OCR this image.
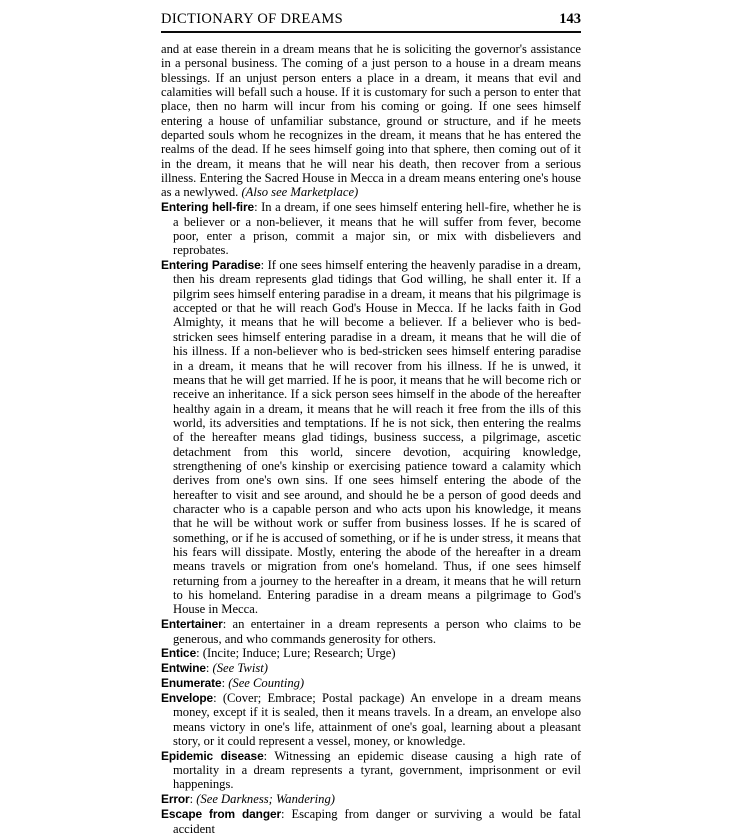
DICTIONARY OF DREAMS	143

and at ease therein in a dream means that he is soliciting the governor's assistance in a personal business. The coming of a just person to a house in a dream means blessings. If an unjust person enters a place in a dream, it means that evil and calamities will befall such a house. If it is customary for such a person to enter that place, then no harm will incur from his coming or going. If one sees himself entering a house of unfamiliar substance, ground or structure, and if he meets departed souls whom he recognizes in the dream, it means that he has entered the realms of the dead. If he sees himself going into that sphere, then coming out of it in the dream, it means that he will near his death, then recover from a serious illness. Entering the Sacred House in Mecca in a dream means entering one's house as a newlywed. (Also see Marketplace)

Entering hell-fire: In a dream, if one sees himself entering hell-fire, whether he is a believer or a non-believer, it means that he will suffer from fever, become poor, enter a prison, commit a major sin, or mix with disbelievers and reprobates.

Entering Paradise: If one sees himself entering the heavenly paradise in a dream, then his dream represents glad tidings that God willing, he shall enter it. If a pilgrim sees himself entering paradise in a dream, it means that his pilgrimage is accepted or that he will reach God's House in Mecca. If he lacks faith in God Almighty, it means that he will become a believer. If a believer who is bed-stricken sees himself entering paradise in a dream, it means that he will die of his illness. If a non-believer who is bed-stricken sees himself entering paradise in a dream, it means that he will recover from his illness. If he is unwed, it means that he will get married. If he is poor, it means that he will become rich or receive an inheritance. If a sick person sees himself in the abode of the hereafter healthy again in a dream, it means that he will reach it free from the ills of this world, its adversities and temptations. If he is not sick, then entering the realms of the hereafter means glad tidings, business success, a pilgrimage, ascetic detachment from this world, sincere devotion, acquiring knowledge, strengthening of one's kinship or exercising patience toward a calamity which derives from one's own sins. If one sees himself entering the abode of the hereafter to visit and see around, and should he be a person of good deeds and character who is a capable person and who acts upon his knowledge, it means that he will be without work or suffer from business losses. If he is scared of something, or if he is accused of something, or if he is under stress, it means that his fears will dissipate. Mostly, entering the abode of the hereafter in a dream means travels or migration from one's homeland. Thus, if one sees himself returning from a journey to the hereafter in a dream, it means that he will return to his homeland. Entering paradise in a dream means a pilgrimage to God's House in Mecca.

Entertainer: an entertainer in a dream represents a person who claims to be generous, and who commands generosity for others.

Entice: (Incite; Induce; Lure; Research; Urge)

Entwine: (See Twist)

Enumerate: (See Counting)

Envelope: (Cover; Embrace; Postal package) An envelope in a dream means money, except if it is sealed, then it means travels. In a dream, an envelope also means victory in one's life, attainment of one's goal, learning about a pleasant story, or it could represent a vessel, money, or knowledge.

Epidemic disease: Witnessing an epidemic disease causing a high rate of mortality in a dream represents a tyrant, government, imprisonment or evil happenings.

Error: (See Darkness; Wandering)

Escape from danger: Escaping from danger or surviving a would be fatal accident
